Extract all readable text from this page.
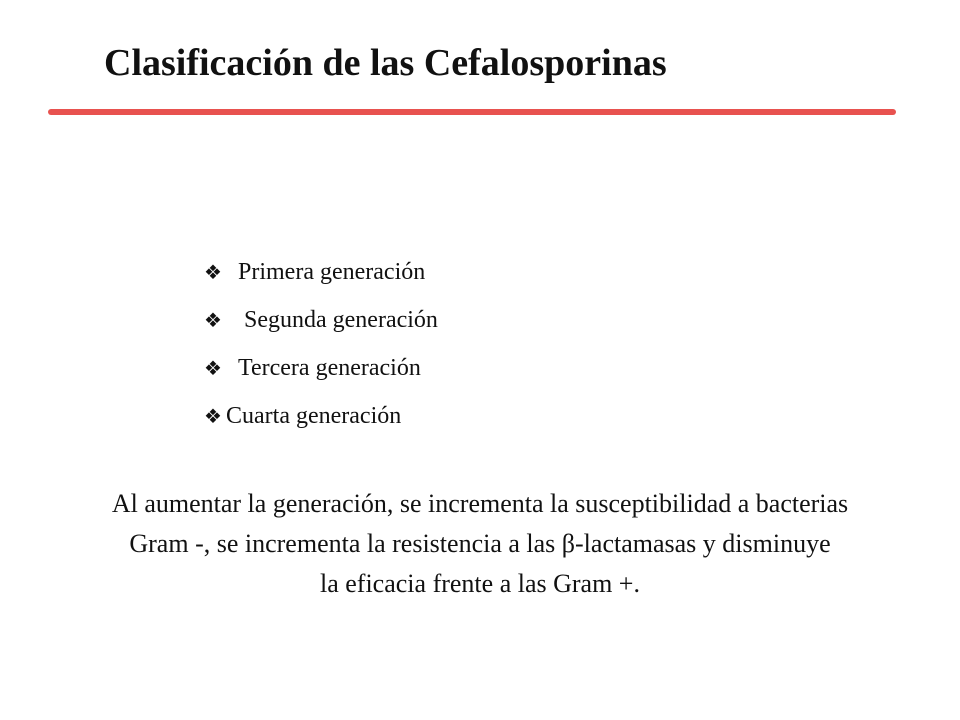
Clasificación de las Cefalosporinas
❖ Primera generación
❖ Segunda generación
❖ Tercera generación
❖ Cuarta generación
Al aumentar la generación, se incrementa la susceptibilidad a bacterias
Gram -, se incrementa la resistencia a las β-lactamasas y disminuye
la eficacia frente a las Gram +.
